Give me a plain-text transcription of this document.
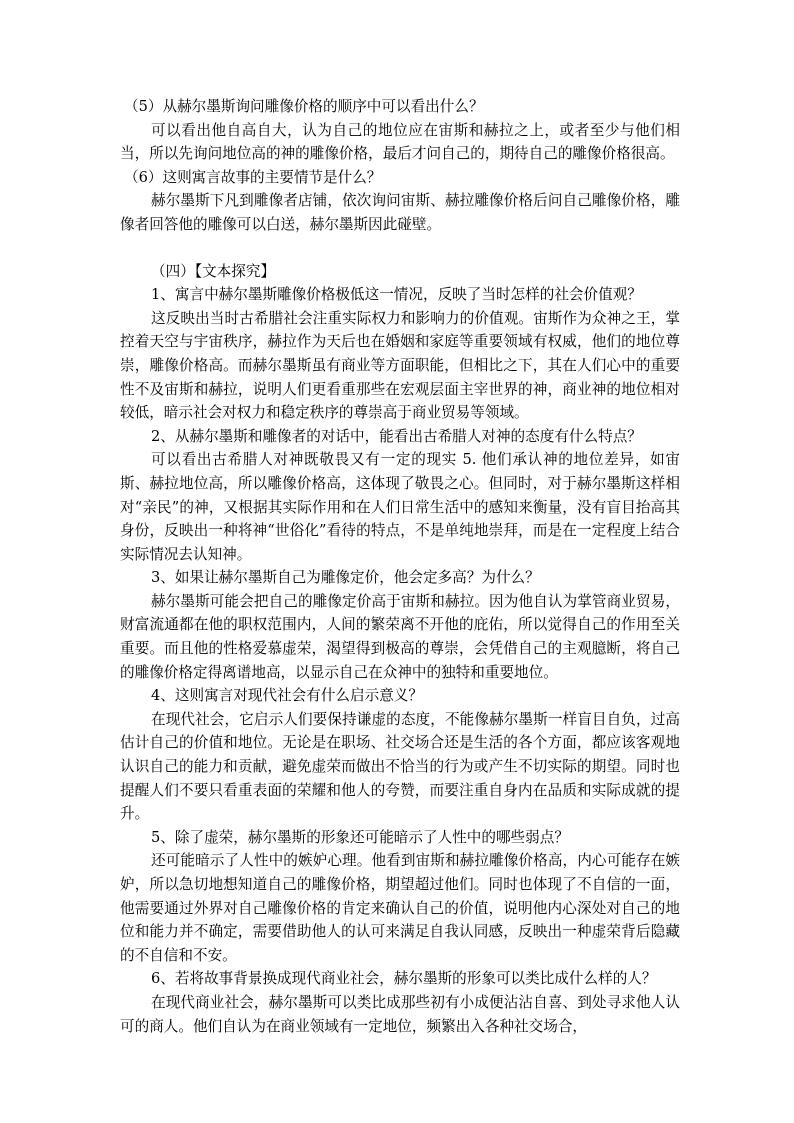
（5）从赫尔墨斯询问雕像价格的顺序中可以看出什么？

可以看出他自高自大，认为自己的地位应在宙斯和赫拉之上，或者至少与他们相当，所以先询问地位高的神的雕像价格，最后才问自己的，期待自己的雕像价格很高。

（6）这则寓言故事的主要情节是什么？

赫尔墨斯下凡到雕像者店铺，依次询问宙斯、赫拉雕像价格后问自己雕像价格，雕像者回答他的雕像可以白送，赫尔墨斯因此碰壁。

（四）【文本探究】

1、寓言中赫尔墨斯雕像价格极低这一情况，反映了当时怎样的社会价值观？

这反映出当时古希腊社会注重实际权力和影响力的价值观。宙斯作为众神之王，掌控着天空与宇宙秩序，赫拉作为天后也在婚姻和家庭等重要领域有权威，他们的地位尊崇，雕像价格高。而赫尔墨斯虽有商业等方面职能，但相比之下，其在人们心中的重要性不及宙斯和赫拉，说明人们更看重那些在宏观层面主宰世界的神，商业神的地位相对较低，暗示社会对权力和稳定秩序的尊崇高于商业贸易等领域。

2、从赫尔墨斯和雕像者的对话中，能看出古希腊人对神的态度有什么特点？

可以看出古希腊人对神既敬畏又有一定的现实 5. 他们承认神的地位差异，如宙斯、赫拉地位高，所以雕像价格高，这体现了敬畏之心。但同时，对于赫尔墨斯这样相对“亲民”的神，又根据其实际作用和在人们日常生活中的感知来衡量，没有盲目抬高其身份，反映出一种将神“世俗化”看待的特点，不是单纯地崇拜，而是在一定程度上结合实际情况去认知神。

3、如果让赫尔墨斯自己为雕像定价，他会定多高？为什么？

赫尔墨斯可能会把自己的雕像定价高于宙斯和赫拉。因为他自认为掌管商业贸易，财富流通都在他的职权范围内，人间的繁荣离不开他的庇佑，所以觉得自己的作用至关重要。而且他的性格爱慕虚荣，渴望得到极高的尊崇，会凭借自己的主观臆断，将自己的雕像价格定得离谱地高，以显示自己在众神中的独特和重要地位。

4、这则寓言对现代社会有什么启示意义？

在现代社会，它启示人们要保持谦虚的态度，不能像赫尔墨斯一样盲目自负，过高估计自己的价值和地位。无论是在职场、社交场合还是生活的各个方面，都应该客观地认识自己的能力和贡献，避免虚荣而做出不恰当的行为或产生不切实际的期望。同时也提醒人们不要只看重表面的荣耀和他人的夸赞，而要注重自身内在品质和实际成就的提升。

5、除了虚荣，赫尔墨斯的形象还可能暗示了人性中的哪些弱点？

还可能暗示了人性中的嫉妒心理。他看到宙斯和赫拉雕像价格高，内心可能存在嫉妒，所以急切地想知道自己的雕像价格，期望超过他们。同时也体现了不自信的一面，他需要通过外界对自己雕像价格的肯定来确认自己的价值，说明他内心深处对自己的地位和能力并不确定，需要借助他人的认可来满足自我认同感，反映出一种虚荣背后隐藏的不自信和不安。

6、若将故事背景换成现代商业社会，赫尔墨斯的形象可以类比成什么样的人？

在现代商业社会，赫尔墨斯可以类比成那些初有小成便沾沾自喜、到处寻求他人认可的商人。他们自认为在商业领域有一定地位，频繁出入各种社交场合，
